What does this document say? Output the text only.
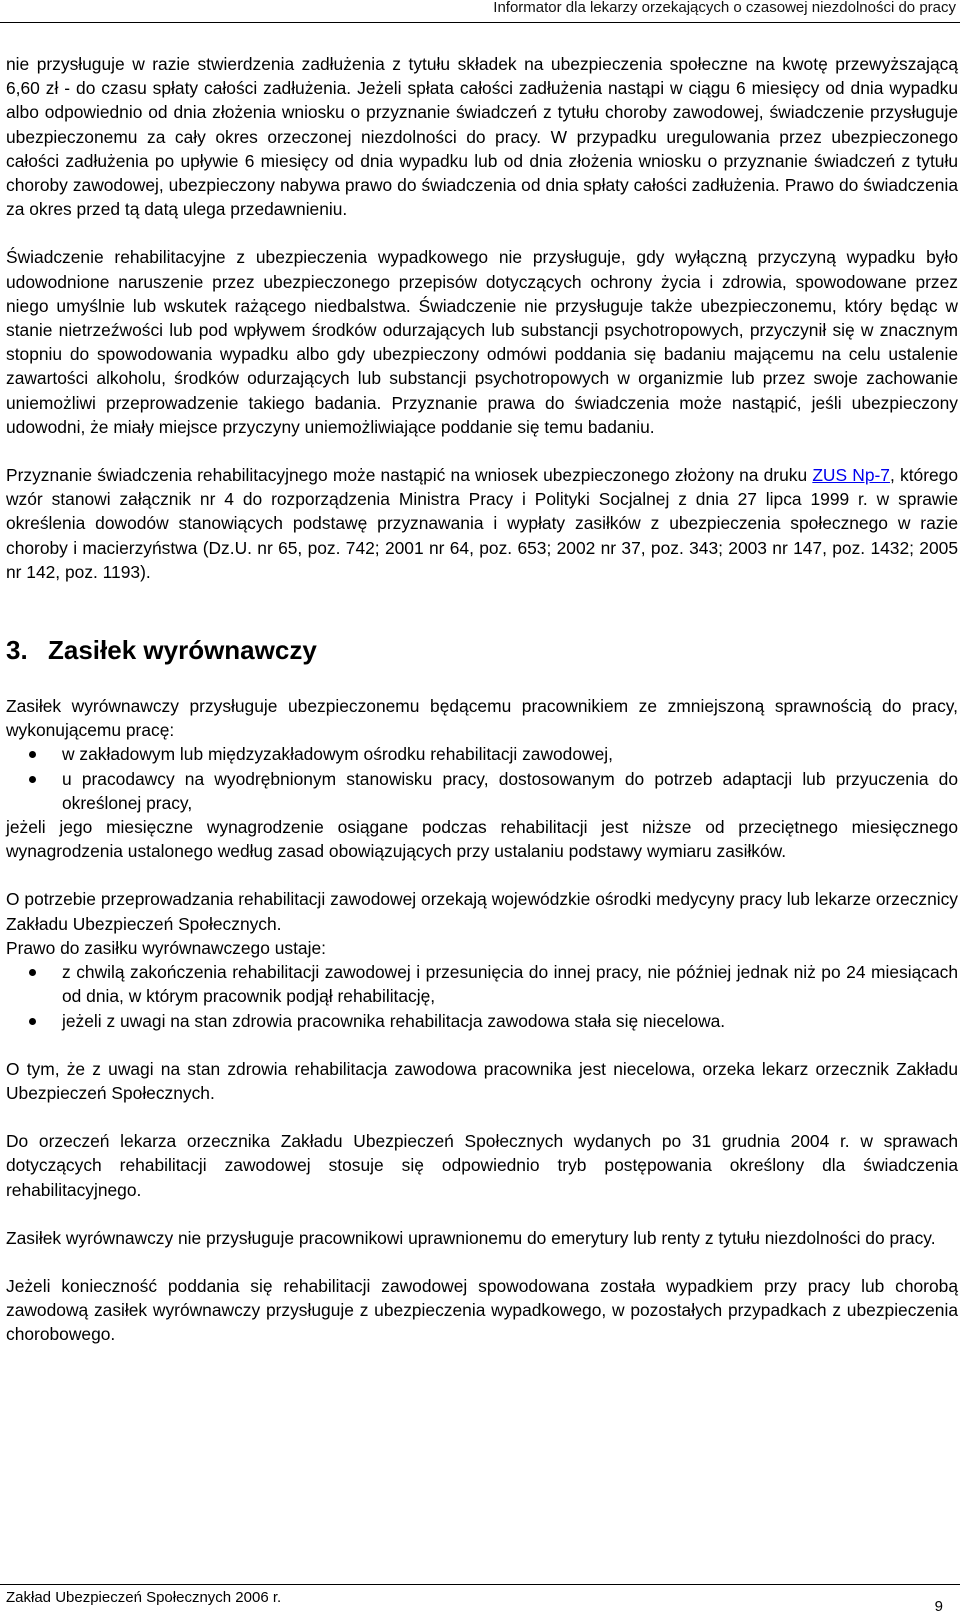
Informator dla lekarzy orzekających o czasowej niezdolności do pracy

nie przysługuje w razie stwierdzenia zadłużenia z tytułu składek na ubezpieczenia społeczne na kwotę przewyższającą 6,60 zł - do czasu spłaty całości zadłużenia. Jeżeli spłata całości zadłużenia nastąpi w ciągu 6 miesięcy od dnia wypadku albo odpowiednio od dnia złożenia wniosku o przyznanie świadczeń z tytułu choroby zawodowej, świadczenie przysługuje ubezpieczonemu za cały okres orzeczonej niezdolności do pracy. W przypadku uregulowania przez ubezpieczonego całości zadłużenia po upływie 6 miesięcy od dnia wypadku lub od dnia złożenia wniosku o przyznanie świadczeń z tytułu choroby zawodowej, ubezpieczony nabywa prawo do świadczenia od dnia spłaty całości zadłużenia. Prawo do świadczenia za okres przed tą datą ulega przedawnieniu.

Świadczenie rehabilitacyjne z ubezpieczenia wypadkowego nie przysługuje, gdy wyłączną przyczyną wypadku było udowodnione naruszenie przez ubezpieczonego przepisów dotyczących ochrony życia i zdrowia, spowodowane przez niego umyślnie lub wskutek rażącego niedbalstwa. Świadczenie nie przysługuje także ubezpieczonemu, który będąc w stanie nietrzeźwości lub pod wpływem środków odurzających lub substancji psychotropowych, przyczynił się w znacznym stopniu do spowodowania wypadku albo gdy ubezpieczony odmówi poddania się badaniu mającemu na celu ustalenie zawartości alkoholu, środków odurzających lub substancji psychotropowych w organizmie lub przez swoje zachowanie uniemożliwi przeprowadzenie takiego badania. Przyznanie prawa do świadczenia może nastąpić, jeśli ubezpieczony udowodni, że miały miejsce przyczyny uniemożliwiające poddanie się temu badaniu.

Przyznanie świadczenia rehabilitacyjnego może nastąpić na wniosek ubezpieczonego złożony na druku ZUS Np-7, którego wzór stanowi załącznik nr 4 do rozporządzenia Ministra Pracy i Polityki Socjalnej z dnia 27 lipca 1999 r. w sprawie określenia dowodów stanowiących podstawę przyznawania i wypłaty zasiłków z ubezpieczenia społecznego w razie choroby i macierzyństwa (Dz.U. nr 65, poz. 742; 2001 nr 64, poz. 653; 2002 nr 37, poz. 343; 2003 nr 147, poz. 1432; 2005 nr 142, poz. 1193).

3. Zasiłek wyrównawczy

Zasiłek wyrównawczy przysługuje ubezpieczonemu będącemu pracownikiem ze zmniejszoną sprawnością do pracy, wykonującemu pracę:

w zakładowym lub międzyzakładowym ośrodku rehabilitacji zawodowej,
u pracodawcy na wyodrębnionym stanowisku pracy, dostosowanym do potrzeb adaptacji lub przyuczenia do określonej pracy,

jeżeli jego miesięczne wynagrodzenie osiągane podczas rehabilitacji jest niższe od przeciętnego miesięcznego wynagrodzenia ustalonego według zasad obowiązujących przy ustalaniu podstawy wymiaru zasiłków.

O potrzebie przeprowadzania rehabilitacji zawodowej orzekają wojewódzkie ośrodki medycyny pracy lub lekarze orzecznicy Zakładu Ubezpieczeń Społecznych.

Prawo do zasiłku wyrównawczego ustaje:

z chwilą zakończenia rehabilitacji zawodowej i przesunięcia do innej pracy, nie później jednak niż po 24 miesiącach od dnia, w którym pracownik podjął rehabilitację,
jeżeli z uwagi na stan zdrowia pracownika rehabilitacja zawodowa stała się niecelowa.

O tym, że z uwagi na stan zdrowia rehabilitacja zawodowa pracownika jest niecelowa, orzeka lekarz orzecznik Zakładu Ubezpieczeń Społecznych.

Do orzeczeń lekarza orzecznika Zakładu Ubezpieczeń Społecznych wydanych po 31 grudnia 2004 r. w sprawach dotyczących rehabilitacji zawodowej stosuje się odpowiednio tryb postępowania określony dla świadczenia rehabilitacyjnego.

Zasiłek wyrównawczy nie przysługuje pracownikowi uprawnionemu do emerytury lub renty z tytułu niezdolności do pracy.

Jeżeli konieczność poddania się rehabilitacji zawodowej spowodowana została wypadkiem przy pracy lub chorobą zawodową zasiłek wyrównawczy przysługuje z ubezpieczenia wypadkowego, w pozostałych przypadkach z ubezpieczenia chorobowego.

Zakład Ubezpieczeń Społecznych 2006 r.
9
